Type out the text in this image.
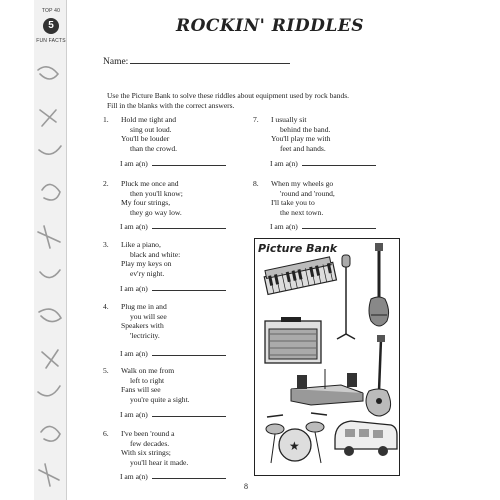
TOP 40
5
FUN FACTS
ROCKIN' RIDDLES
Name:
Use the Picture Bank to solve these riddles about equipment used by rock bands.
Fill in the blanks with the correct answers.
1. Hold me tight and
sing out loud.
You'll be louder
than the crowd.
I am a(n)
2. Pluck me once and
then you'll know;
My four strings,
they go way low.
I am a(n)
3. Like a piano,
black and white:
Play my keys on
ev'ry night.
I am a(n)
4. Plug me in and
you will see
Speakers with
'lectricity.
I am a(n)
5. Walk on me from
left to right
Fans will see
you're quite a sight.
I am a(n)
6. I've been 'round a
few decades.
With six strings;
you'll hear it made.
I am a(n)
7. I usually sit
behind the band.
You'll play me with
feet and hands.
I am a(n)
8. When my wheels go
'round and 'round,
I'll take you to
the next town.
I am a(n)
Picture Bank
★
8
